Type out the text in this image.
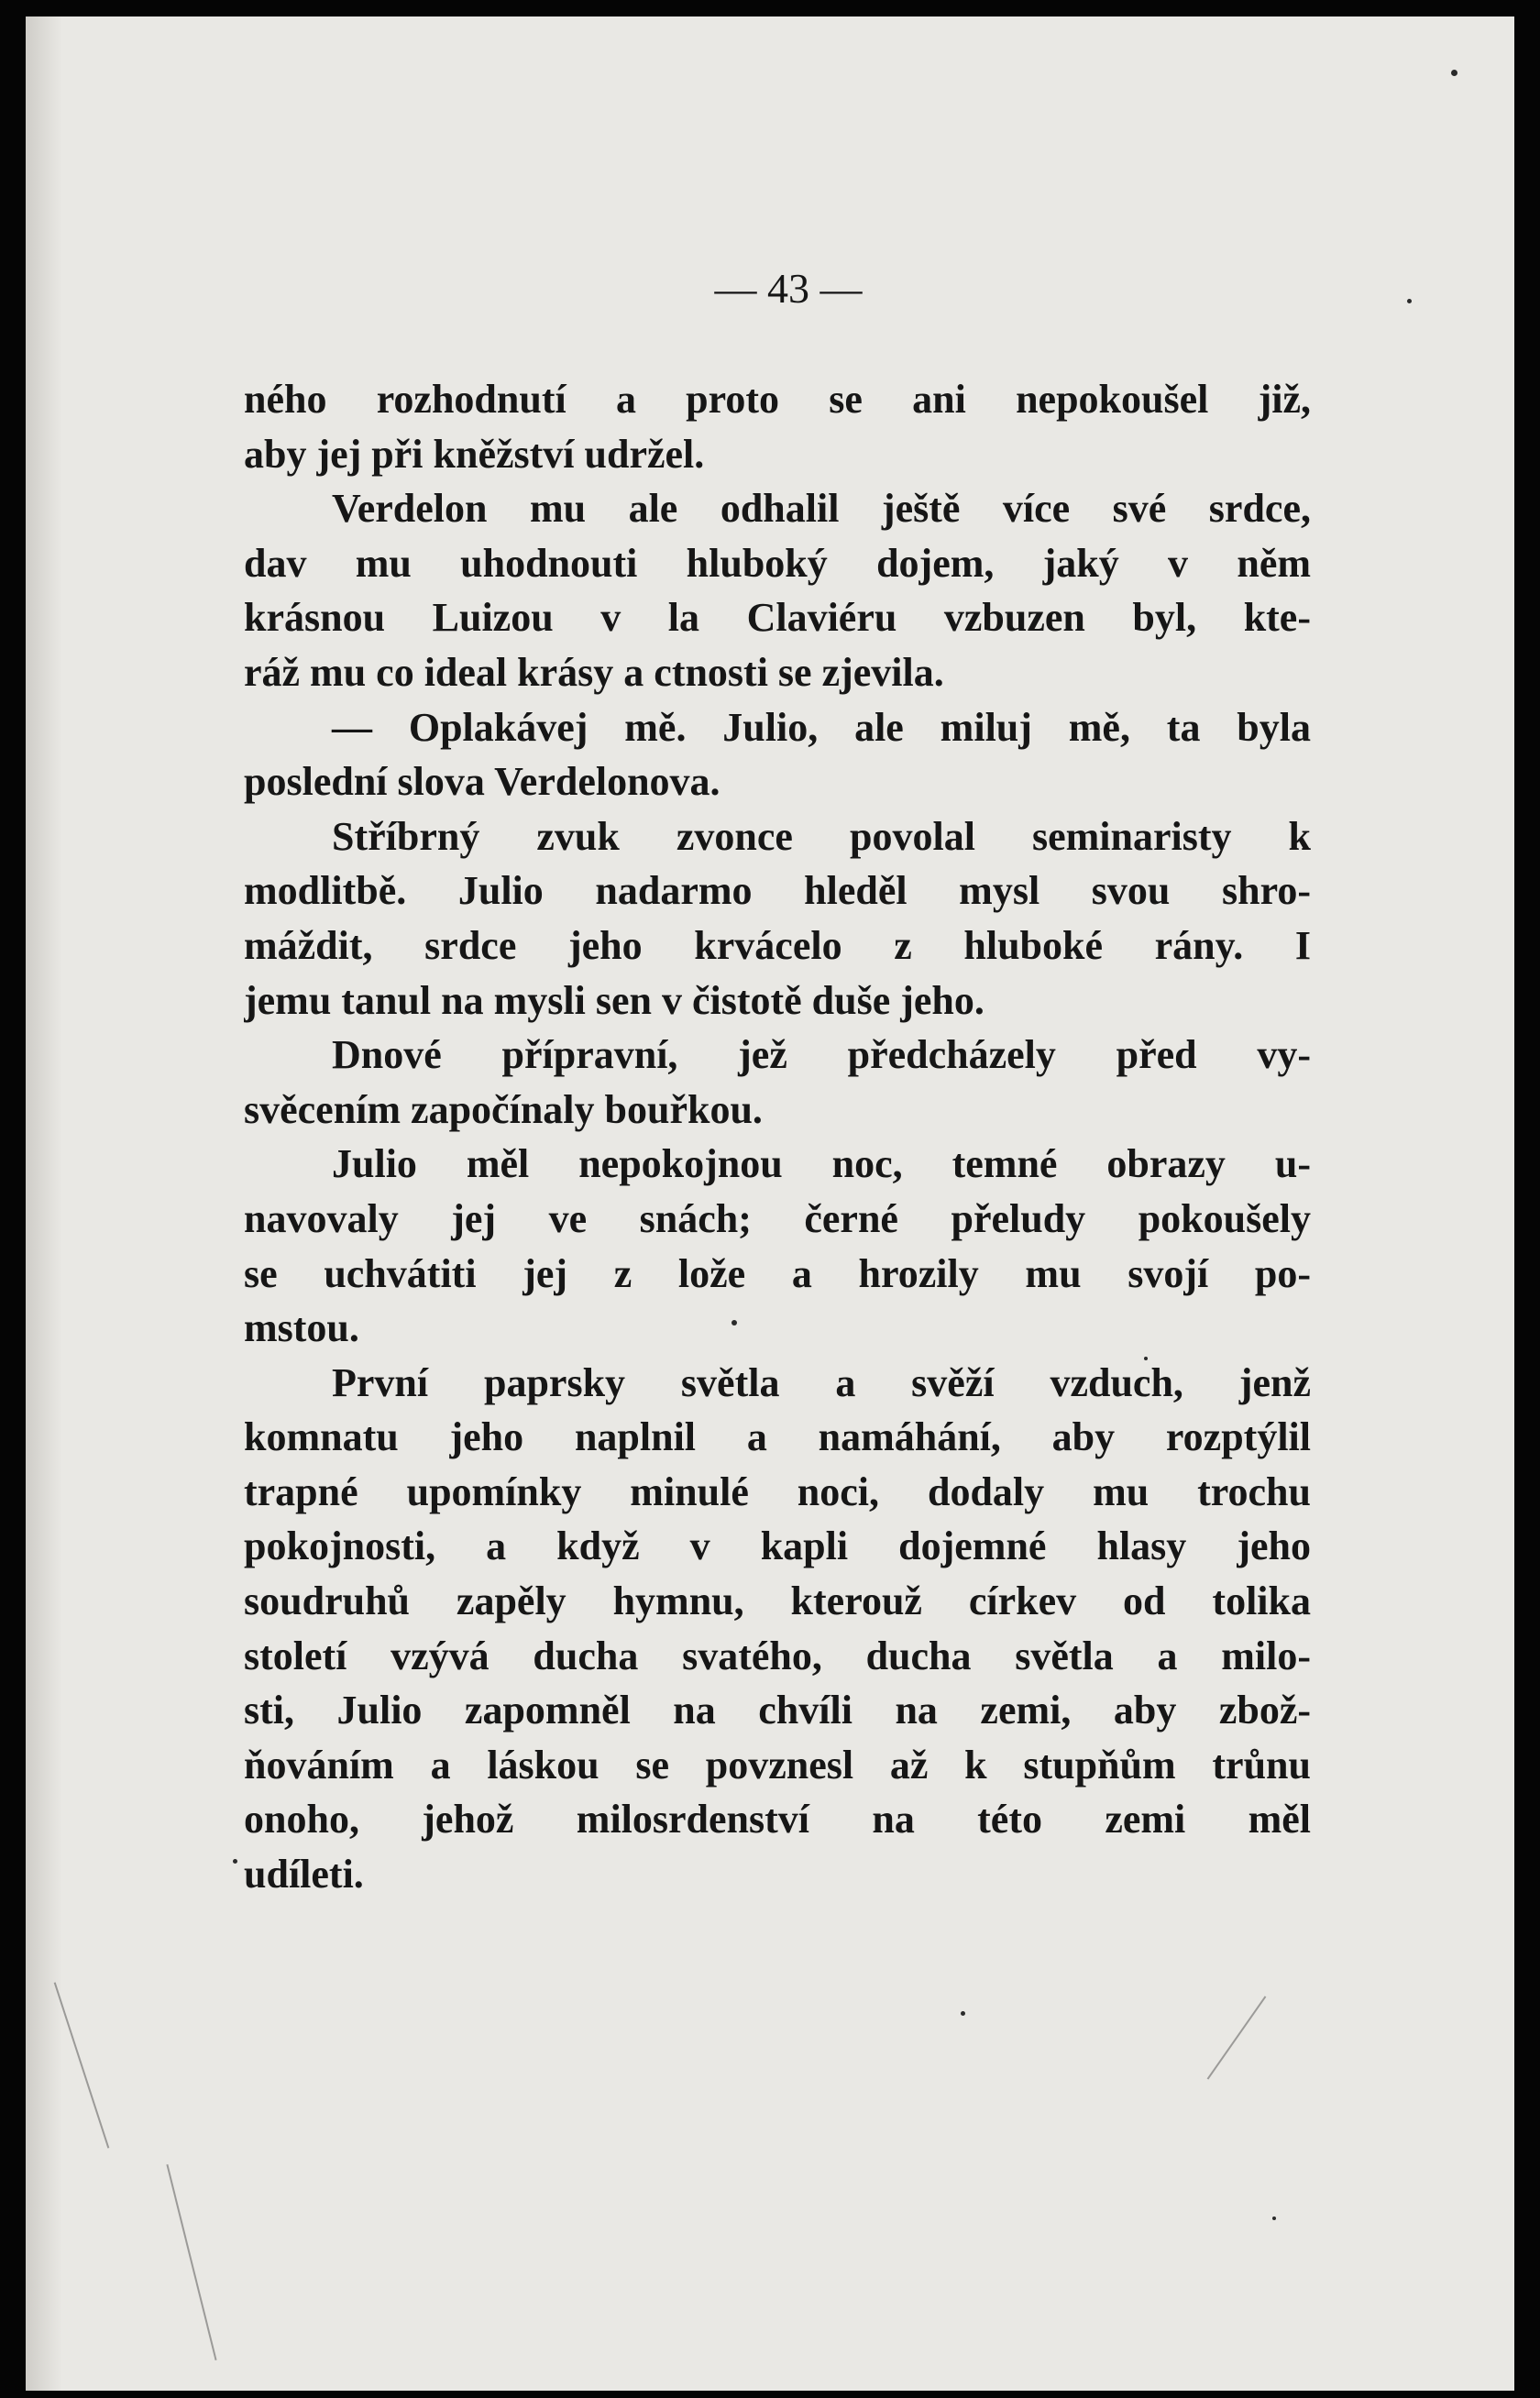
— 43 —

ného rozhodnutí a proto se ani nepokoušel již,
aby jej při kněžství udržel.
Verdelon mu ale odhalil ještě více své srdce,
dav mu uhodnouti hluboký dojem, jaký v něm
krásnou Luizou v la Claviéru vzbuzen byl, kte-
ráž mu co ideal krásy a ctnosti se zjevila.
— Oplakávej mě. Julio, ale miluj mě, ta byla
poslední slova Verdelonova.
Stříbrný zvuk zvonce povolal seminaristy k
modlitbě. Julio nadarmo hleděl mysl svou shro-
máždit, srdce jeho krvácelo z hluboké rány. I
jemu tanul na mysli sen v čistotě duše jeho.
Dnové přípravní, jež předcházely před vy-
svěcením započínaly bouřkou.
Julio měl nepokojnou noc, temné obrazy u-
navovaly jej ve snách; černé přeludy pokoušely
se uchvátiti jej z lože a hrozily mu svojí po-
mstou.
První paprsky světla a svěží vzduch, jenž
komnatu jeho naplnil a namáhání, aby rozptýlil
trapné upomínky minulé noci, dodaly mu trochu
pokojnosti, a když v kapli dojemné hlasy jeho
soudruhů zapěly hymnu, kterouž církev od tolika
století vzývá ducha svatého, ducha světla a milo-
sti, Julio zapomněl na chvíli na zemi, aby zbož-
ňováním a láskou se povznesl až k stupňům trůnu
onoho, jehož milosrdenství na této zemi měl
udíleti.
